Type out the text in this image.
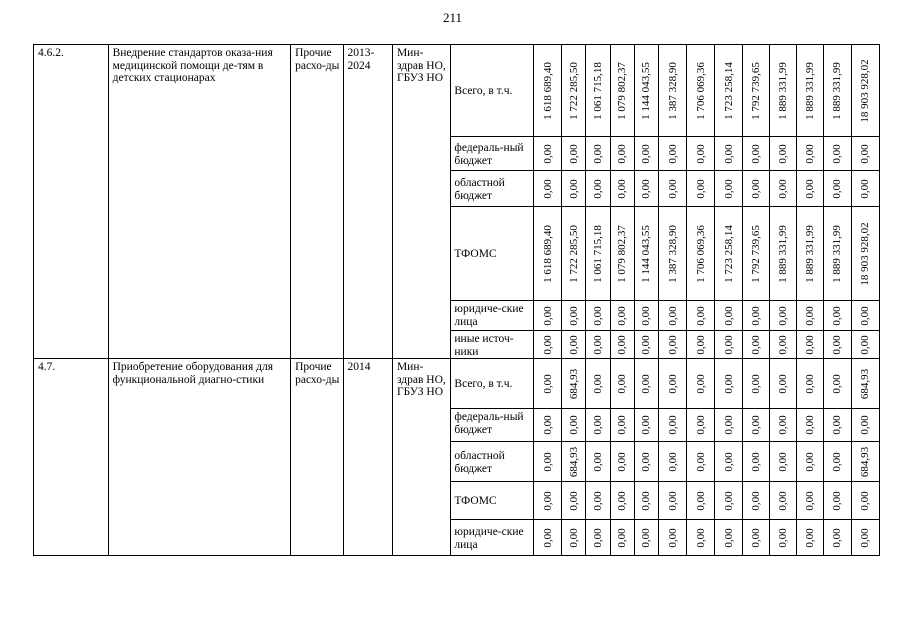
211
4.6.2.	Внедрение стандартов оказа-ния медицинской помощи де-тям в детских стационарах	Прочие расхо-ды	2013-2024	Мин-здрав НО, ГБУЗ НО	Всего, в т.ч.	1 618 689,40	1 722 285,50	1 061 715,18	1 079 802,37	1 144 043,55	1 387 328,90	1 706 069,36	1 723 258,14	1 792 739,65	1 889 331,99	1 889 331,99	1 889 331,99	18 903 928,02

					федераль-ный бюджет	0,00	0,00	0,00	0,00	0,00	0,00	0,00	0,00	0,00	0,00	0,00	0,00	0,00

					областной бюджет	0,00	0,00	0,00	0,00	0,00	0,00	0,00	0,00	0,00	0,00	0,00	0,00	0,00

					ТФОМС	1 618 689,40	1 722 285,50	1 061 715,18	1 079 802,37	1 144 043,55	1 387 328,90	1 706 069,36	1 723 258,14	1 792 739,65	1 889 331,99	1 889 331,99	1 889 331,99	18 903 928,02

					юридиче-ские лица	0,00	0,00	0,00	0,00	0,00	0,00	0,00	0,00	0,00	0,00	0,00	0,00	0,00

					иные источ-ники	0,00	0,00	0,00	0,00	0,00	0,00	0,00	0,00	0,00	0,00	0,00	0,00	0,00

4.7.	Приобретение оборудования для функциональной диагно-стики	Прочие расхо-ды	2014	Мин-здрав НО, ГБУЗ НО	Всего, в т.ч.	0,00	684,93	0,00	0,00	0,00	0,00	0,00	0,00	0,00	0,00	0,00	0,00	684,93

					федераль-ный бюджет	0,00	0,00	0,00	0,00	0,00	0,00	0,00	0,00	0,00	0,00	0,00	0,00	0,00

					областной бюджет	0,00	684,93	0,00	0,00	0,00	0,00	0,00	0,00	0,00	0,00	0,00	0,00	684,93

					ТФОМС	0,00	0,00	0,00	0,00	0,00	0,00	0,00	0,00	0,00	0,00	0,00	0,00	0,00

					юридиче-ские лица	0,00	0,00	0,00	0,00	0,00	0,00	0,00	0,00	0,00	0,00	0,00	0,00	0,00
